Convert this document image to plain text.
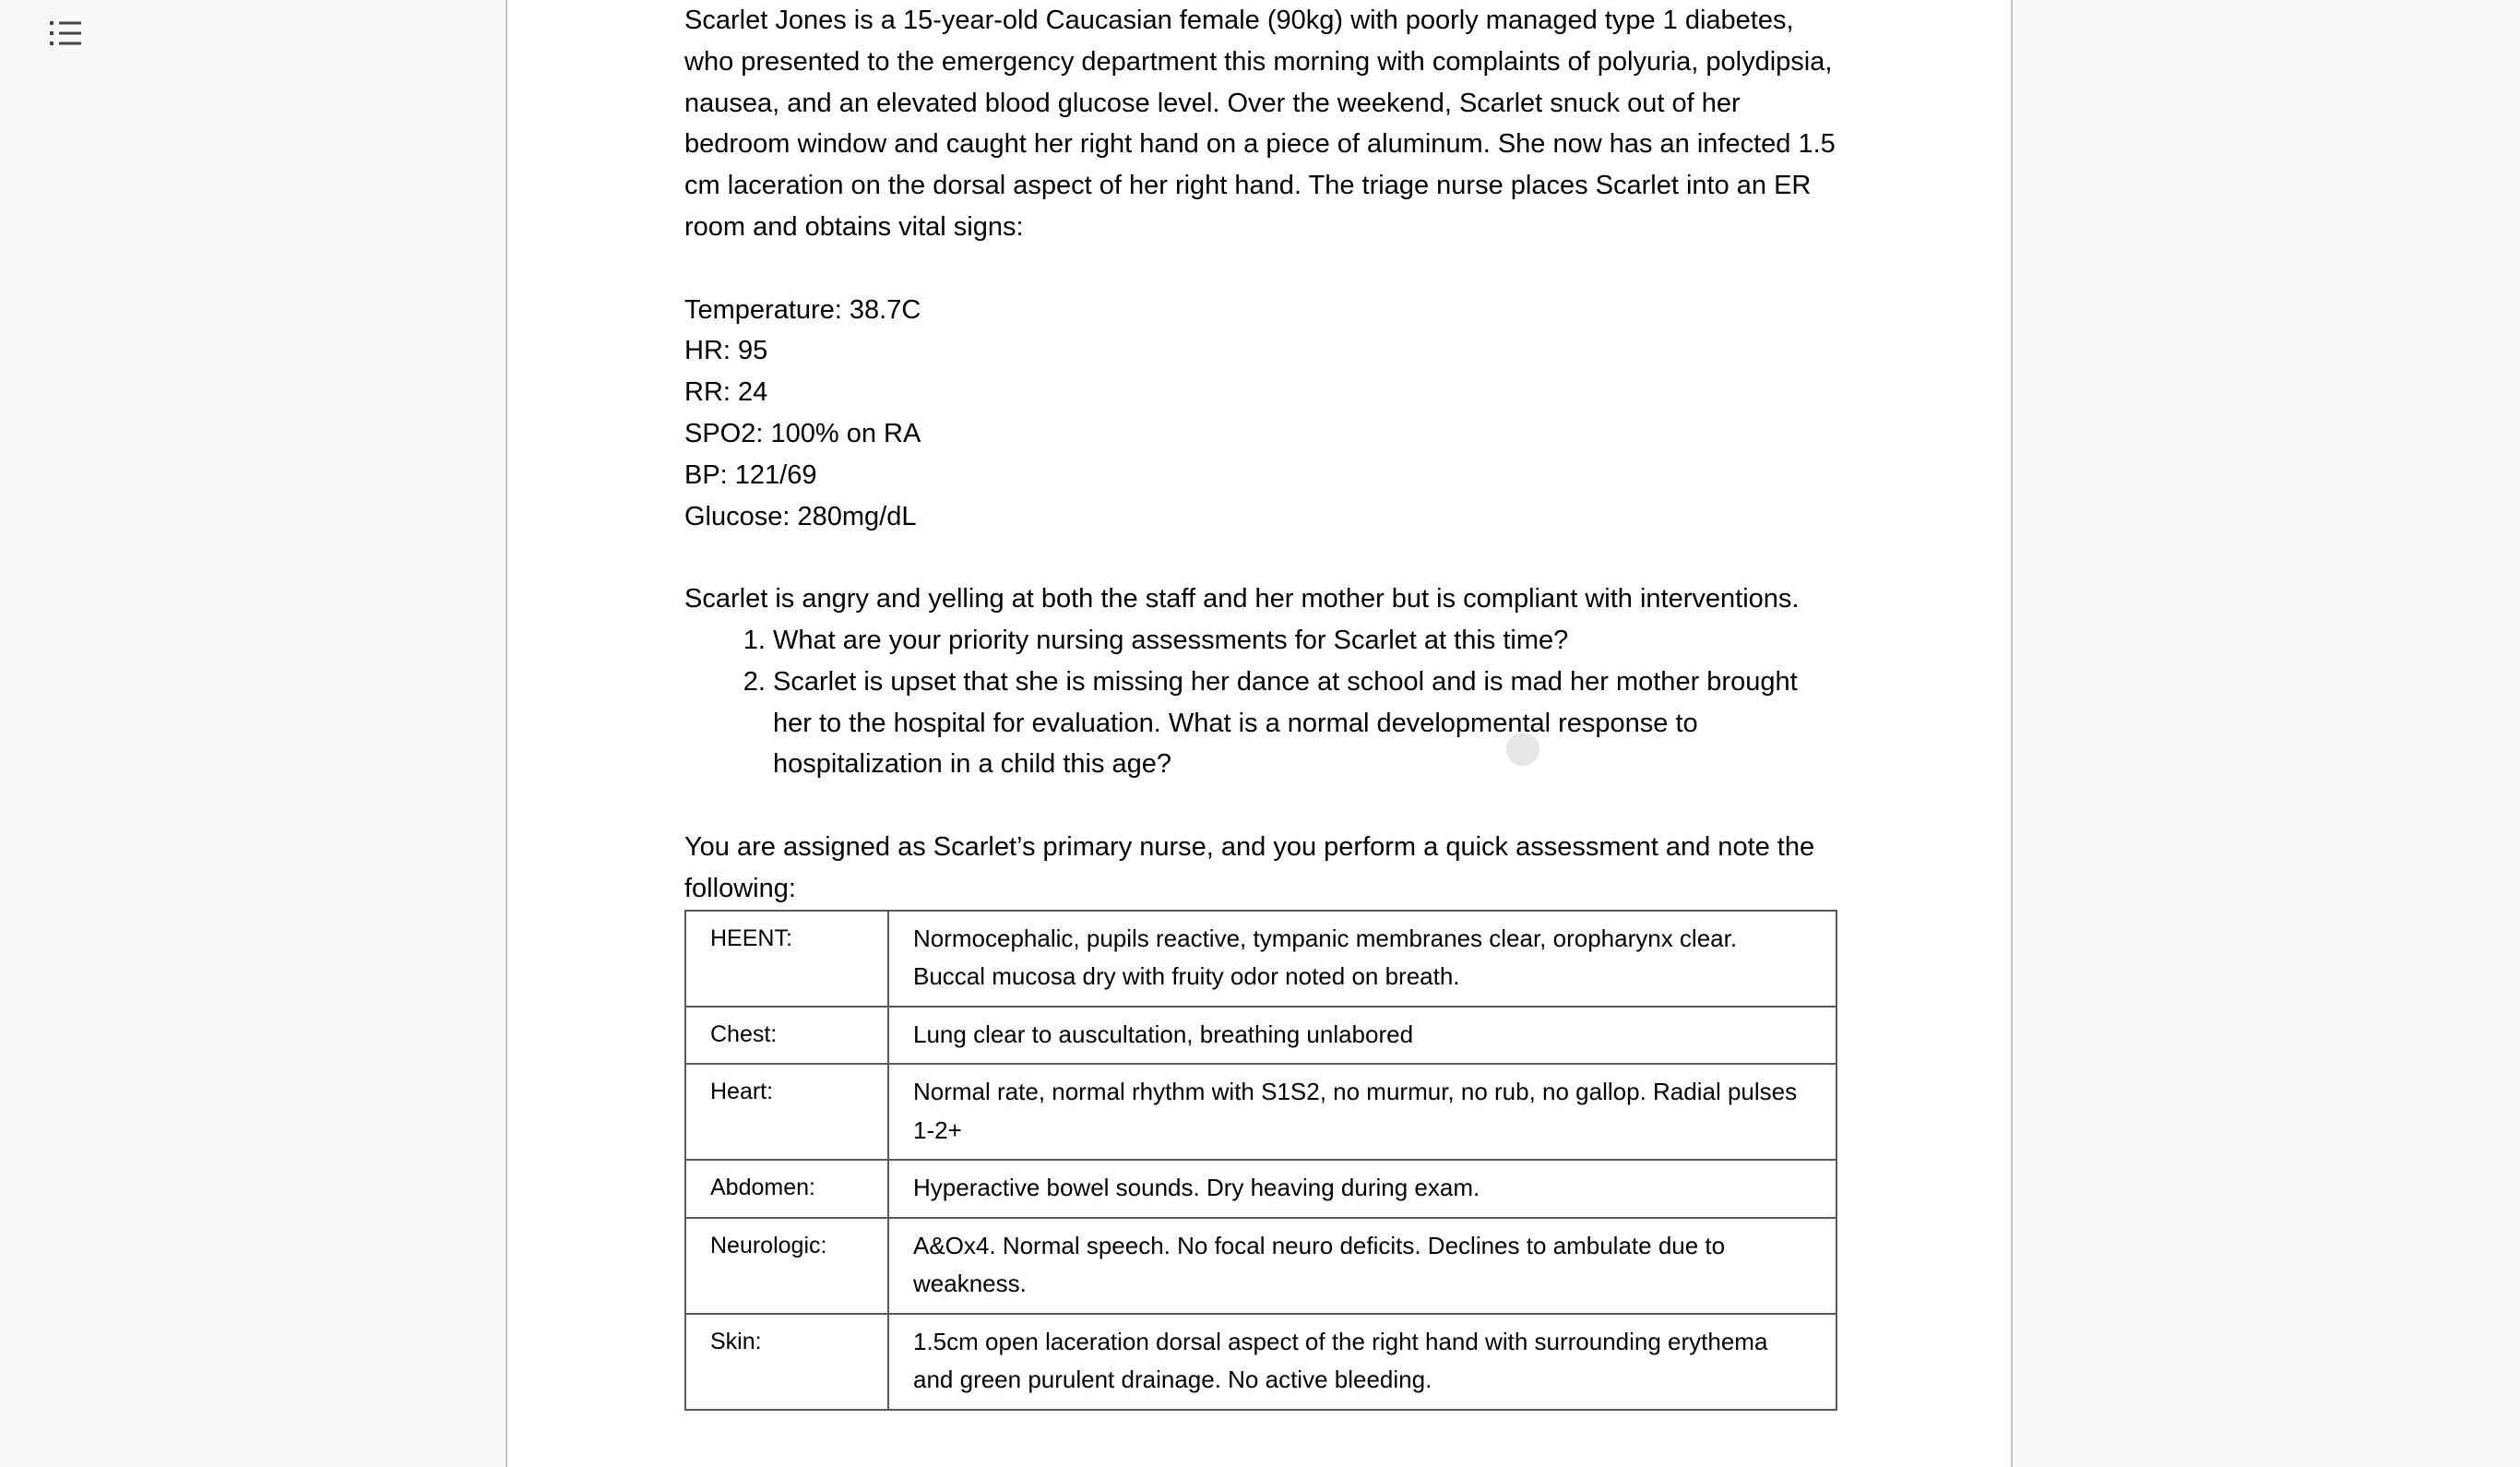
Scarlet Jones is a 15-year-old Caucasian female (90kg) with poorly managed type 1 diabetes, who presented to the emergency department this morning with complaints of polyuria, polydipsia, nausea, and an elevated blood glucose level. Over the weekend, Scarlet snuck out of her bedroom window and caught her right hand on a piece of aluminum. She now has an infected 1.5 cm laceration on the dorsal aspect of her right hand. The triage nurse places Scarlet into an ER room and obtains vital signs:

Temperature: 38.7C

HR: 95

RR: 24

SPO2: 100% on RA

BP: 121/69

Glucose: 280mg/dL

Scarlet is angry and yelling at both the staff and her mother but is compliant with interventions.

1. What are your priority nursing assessments for Scarlet at this time?
2. Scarlet is upset that she is missing her dance at school and is mad her mother brought her to the hospital for evaluation. What is a normal developmental response to hospitalization in a child this age?

You are assigned as Scarlet’s primary nurse, and you perform a quick assessment and note the following:

HEENT:	Normocephalic, pupils reactive, tympanic membranes clear, oropharynx clear. Buccal mucosa dry with fruity odor noted on breath.
Chest:	Lung clear to auscultation, breathing unlabored
Heart:	Normal rate, normal rhythm with S1S2, no murmur, no rub, no gallop. Radial pulses 1-2+
Abdomen:	Hyperactive bowel sounds. Dry heaving during exam.
Neurologic:	A&Ox4. Normal speech. No focal neuro deficits. Declines to ambulate due to weakness.
Skin:	1.5cm open laceration dorsal aspect of the right hand with surrounding erythema and green purulent drainage. No active bleeding.
